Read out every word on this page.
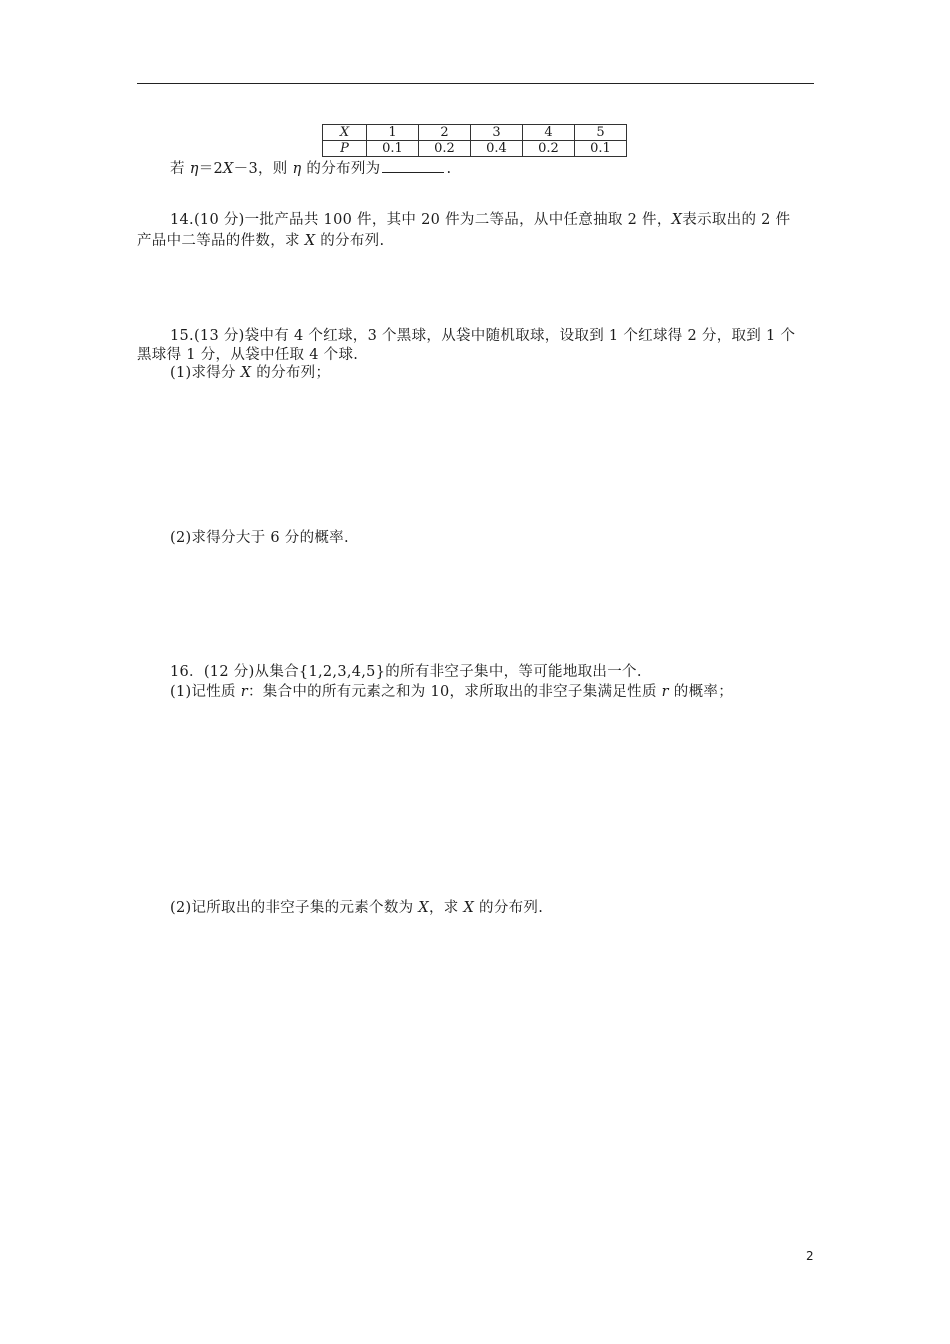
X	1	2	3	4	5
P	0.1	0.2	0.4	0.2	0.1
若 η＝2X－3，则 η 的分布列为	.
14.(10 分)一批产品共 100 件，其中 20 件为二等品，从中任意抽取 2 件，X表示取出的 2 件
产品中二等品的件数，求 X 的分布列.
15.(13 分)袋中有 4 个红球，3 个黑球，从袋中随机取球，设取到 1 个红球得 2 分，取到 1 个
黑球得 1 分，从袋中任取 4 个球.
(1)求得分 X 的分布列；
(2)求得分大于 6 分的概率.
16．(12 分)从集合{1,2,3,4,5}的所有非空子集中，等可能地取出一个.
(1)记性质 r：集合中的所有元素之和为 10，求所取出的非空子集满足性质 r 的概率；
(2)记所取出的非空子集的元素个数为 X，求 X 的分布列.
2
